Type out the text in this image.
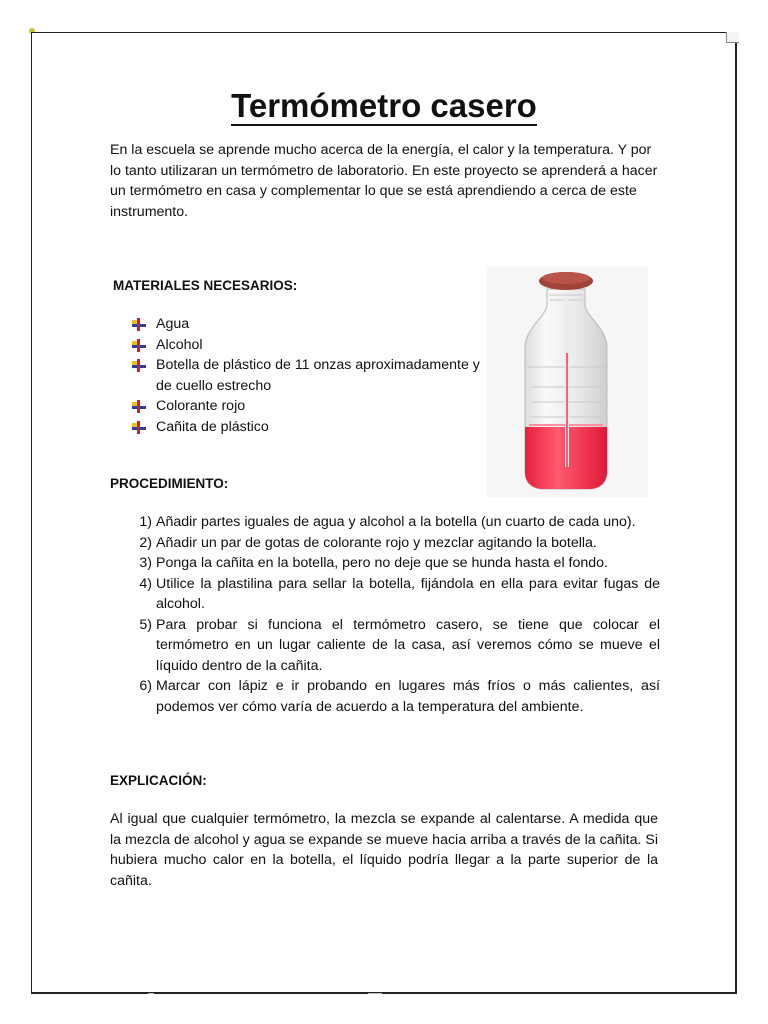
Termómetro casero

En la escuela se aprende mucho acerca de la energía, el calor y la temperatura. Y por lo tanto utilizaran un termómetro de laboratorio. En este proyecto se aprenderá a hacer un termómetro en casa y complementar lo que se está aprendiendo a cerca de este instrumento.

MATERIALES NECESARIOS:

Agua
Alcohol
Botella de plástico de 11 onzas aproximadamente y de cuello estrecho
Colorante rojo
Cañita de plástico

PROCEDIMIENTO:

1) Añadir partes iguales de agua y alcohol a la botella (un cuarto de cada uno).
2) Añadir un par de gotas de colorante rojo y mezclar agitando la botella.
3) Ponga la cañita en la botella, pero no deje que se hunda hasta el fondo.
4) Utilice la plastilina para sellar la botella, fijándola en ella para evitar fugas de alcohol.
5) Para probar si funciona el termómetro casero, se tiene que colocar el termómetro en un lugar caliente de la casa, así veremos cómo se mueve el líquido dentro de la cañita.
6) Marcar con lápiz e ir probando en lugares más fríos o más calientes, así podemos ver cómo varía de acuerdo a la temperatura del ambiente.

EXPLICACIÓN:

Al igual que cualquier termómetro, la mezcla se expande al calentarse. A medida que la mezcla de alcohol y agua se expande se mueve hacia arriba a través de la cañita. Si hubiera mucho calor en la botella, el líquido podría llegar a la parte superior de la cañita.
